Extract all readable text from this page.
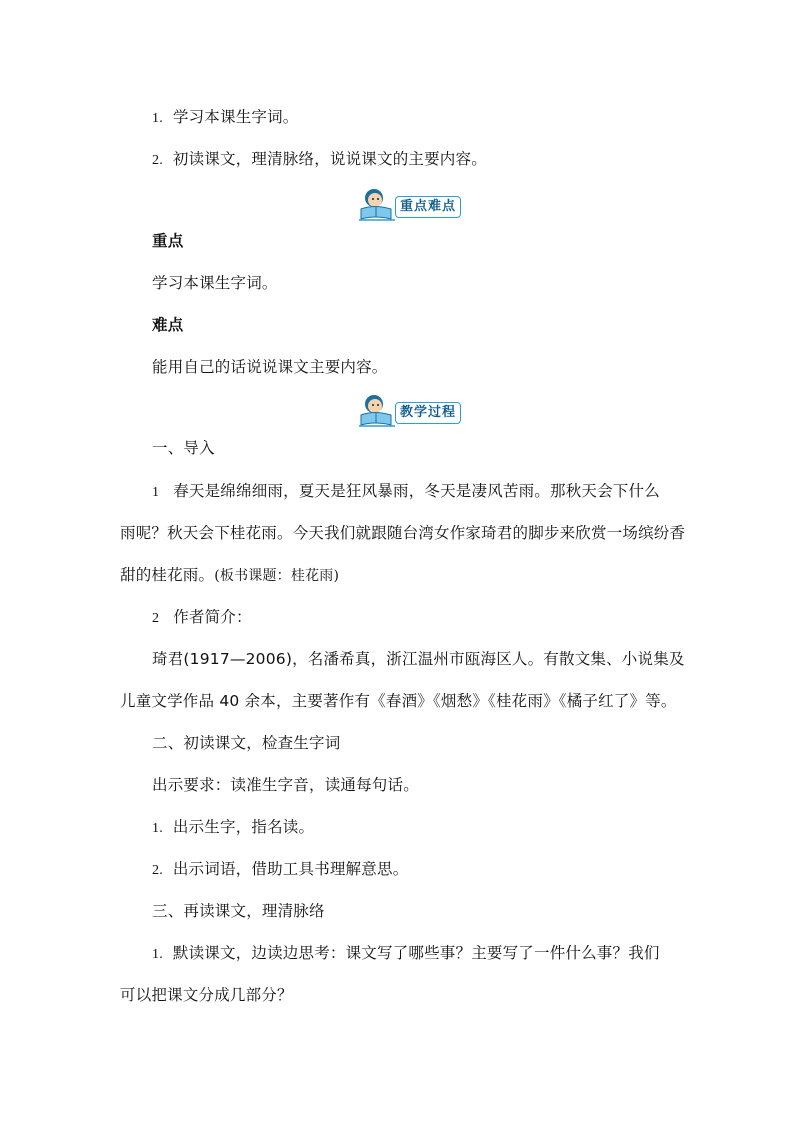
1. 学习本课生字词。
2. 初读课文，理清脉络，说说课文的主要内容。
重点难点
重点
学习本课生字词。
难点
能用自己的话说说课文主要内容。
教学过程
一、导入
1 春天是绵绵细雨，夏天是狂风暴雨，冬天是凄风苦雨。那秋天会下什么
雨呢？秋天会下桂花雨。今天我们就跟随台湾女作家琦君的脚步来欣赏一场缤纷香
甜的桂花雨。(板书课题：桂花雨)
2 作者简介：
琦君(1917—2006)，名潘希真，浙江温州市瓯海区人。有散文集、小说集及
儿童文学作品 40 余本，主要著作有《春酒》《烟愁》《桂花雨》《橘子红了》等。
二、初读课文，检查生字词
出示要求：读准生字音，读通每句话。
1. 出示生字，指名读。
2. 出示词语，借助工具书理解意思。
三、再读课文，理清脉络
1. 默读课文，边读边思考：课文写了哪些事？主要写了一件什么事？我们
可以把课文分成几部分？
